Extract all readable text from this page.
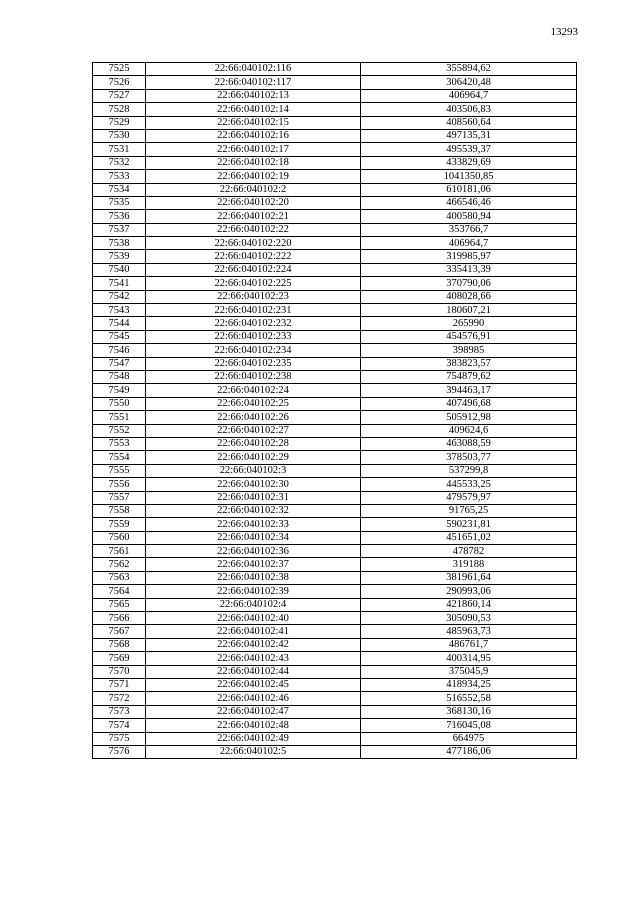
13293
7525	22:66:040102:116	355894,62
7526	22:66:040102:117	306420,48
7527	22:66:040102:13	406964,7
7528	22:66:040102:14	403506,83
7529	22:66:040102:15	408560,64
7530	22:66:040102:16	497135,31
7531	22:66:040102:17	495539,37
7532	22:66:040102:18	433829,69
7533	22:66:040102:19	1041350,85
7534	22:66:040102:2	610181,06
7535	22:66:040102:20	466546,46
7536	22:66:040102:21	400580,94
7537	22:66:040102:22	353766,7
7538	22:66:040102:220	406964,7
7539	22:66:040102:222	319985,97
7540	22:66:040102:224	335413,39
7541	22:66:040102:225	370790,06
7542	22:66:040102:23	408028,66
7543	22:66:040102:231	180607,21
7544	22:66:040102:232	265990
7545	22:66:040102:233	454576,91
7546	22:66:040102:234	398985
7547	22:66:040102:235	383823,57
7548	22:66:040102:238	754879,62
7549	22:66:040102:24	394463,17
7550	22:66:040102:25	407496,68
7551	22:66:040102:26	505912,98
7552	22:66:040102:27	409624,6
7553	22:66:040102:28	463088,59
7554	22:66:040102:29	378503,77
7555	22:66:040102:3	537299,8
7556	22:66:040102:30	445533,25
7557	22:66:040102:31	479579,97
7558	22:66:040102:32	91765,25
7559	22:66:040102:33	590231,81
7560	22:66:040102:34	451651,02
7561	22:66:040102:36	478782
7562	22:66:040102:37	319188
7563	22:66:040102:38	381961,64
7564	22:66:040102:39	290993,06
7565	22:66:040102:4	421860,14
7566	22:66:040102:40	305090,53
7567	22:66:040102:41	485963,73
7568	22:66:040102:42	486761,7
7569	22:66:040102:43	400314,95
7570	22:66:040102:44	375045,9
7571	22:66:040102:45	418934,25
7572	22:66:040102:46	516552,58
7573	22:66:040102:47	368130,16
7574	22:66:040102:48	716045,08
7575	22:66:040102:49	664975
7576	22:66:040102:5	477186,06
